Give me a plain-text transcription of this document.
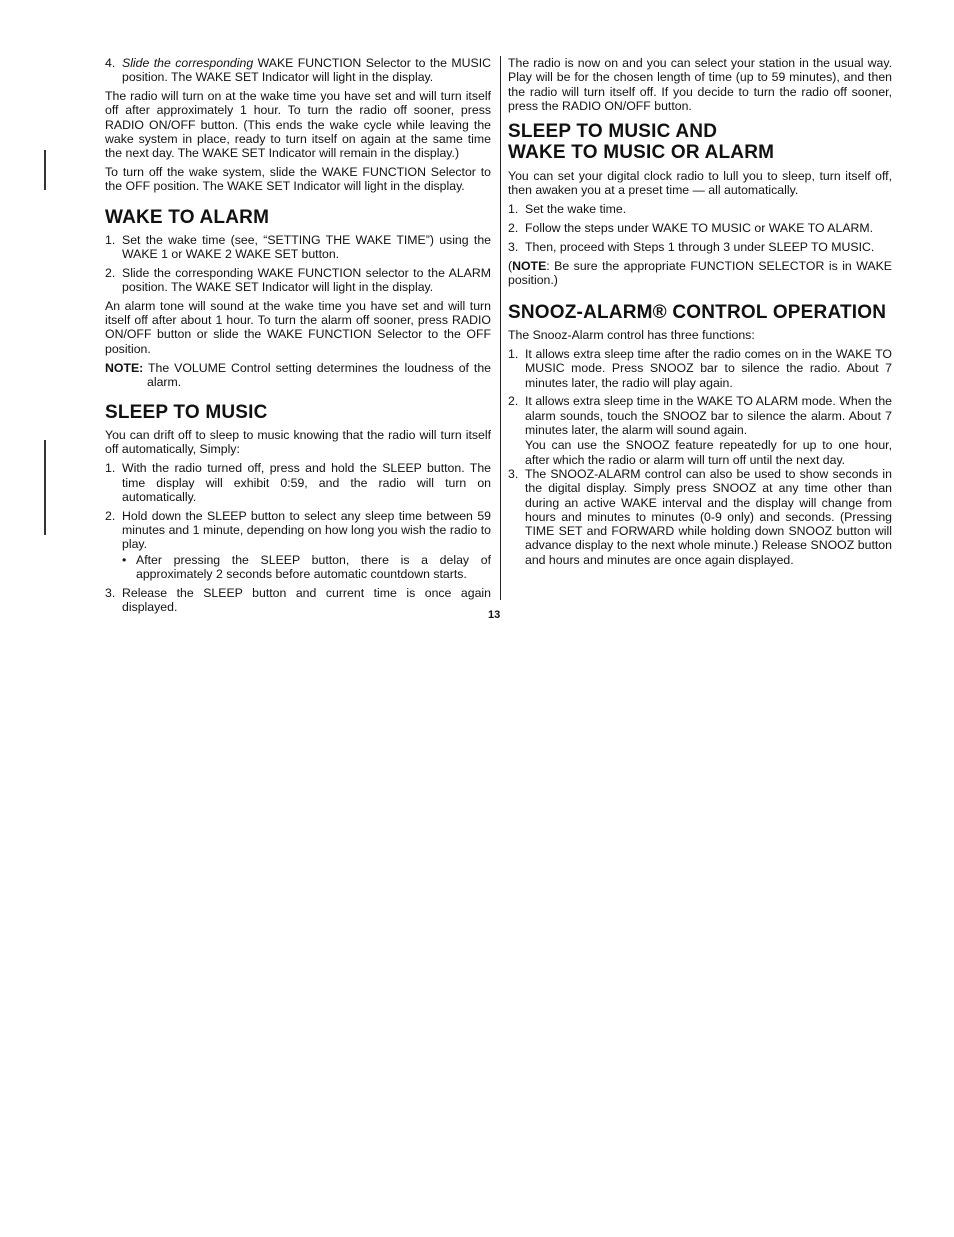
4. Slide the corresponding WAKE FUNCTION Selector to the MUSIC position. The WAKE SET Indicator will light in the display.

The radio will turn on at the wake time you have set and will turn itself off after approximately 1 hour. To turn the radio off sooner, press RADIO ON/OFF button. (This ends the wake cycle while leaving the wake system in place, ready to turn itself on again at the same time the next day. The WAKE SET Indicator will remain in the display.)

To turn off the wake system, slide the WAKE FUNCTION Selector to the OFF position. The WAKE SET Indicator will light in the display.

WAKE TO ALARM
1. Set the wake time (see, “SETTING THE WAKE TIME”) using the WAKE 1 or WAKE 2 WAKE SET button.
2. Slide the corresponding WAKE FUNCTION selector to the ALARM position. The WAKE SET Indicator will light in the display.

An alarm tone will sound at the wake time you have set and will turn itself off after about 1 hour. To turn the alarm off sooner, press RADIO ON/OFF button or slide the WAKE FUNCTION Selector to the OFF position.

NOTE: The VOLUME Control setting determines the loudness of the alarm.
SLEEP TO MUSIC

You can drift off to sleep to music knowing that the radio will turn itself off automatically, Simply:

1. With the radio turned off, press and hold the SLEEP button. The time display will exhibit 0:59, and the radio will turn on automatically.
2. Hold down the SLEEP button to select any sleep time between 59 minutes and 1 minute, depending on how long you wish the radio to play.
• After pressing the SLEEP button, there is a delay of approximately 2 seconds before automatic countdown starts.
3. Release the SLEEP button and current time is once again displayed.
13

The radio is now on and you can select your station in the usual way. Play will be for the chosen length of time (up to 59 minutes), and then the radio will turn itself off. If you decide to turn the radio off sooner, press the RADIO ON/OFF button.

SLEEP TO MUSIC AND
WAKE TO MUSIC OR ALARM

You can set your digital clock radio to lull you to sleep, turn itself off, then awaken you at a preset time — all automatically.

1. Set the wake time.
2. Follow the steps under WAKE TO MUSIC or WAKE TO ALARM.
3. Then, proceed with Steps 1 through 3 under SLEEP TO MUSIC.

(NOTE: Be sure the appropriate FUNCTION SELECTOR is in WAKE position.)

SNOOZ-ALARM® CONTROL OPERATION

The Snooz-Alarm control has three functions:

1. It allows extra sleep time after the radio comes on in the WAKE TO MUSIC mode. Press SNOOZ bar to silence the radio. About 7 minutes later, the radio will play again.
2. It allows extra sleep time in the WAKE TO ALARM mode. When the alarm sounds, touch the SNOOZ bar to silence the alarm. About 7 minutes later, the alarm will sound again.

You can use the SNOOZ feature repeatedly for up to one hour, after which the radio or alarm will turn off until the next day.

3. The SNOOZ-ALARM control can also be used to show seconds in the digital display. Simply press SNOOZ at any time other than during an active WAKE interval and the display will change from hours and minutes to minutes (0-9 only) and seconds. (Pressing TIME SET and FORWARD while holding down SNOOZ button will advance display to the next whole minute.) Release SNOOZ button and hours and minutes are once again displayed.
